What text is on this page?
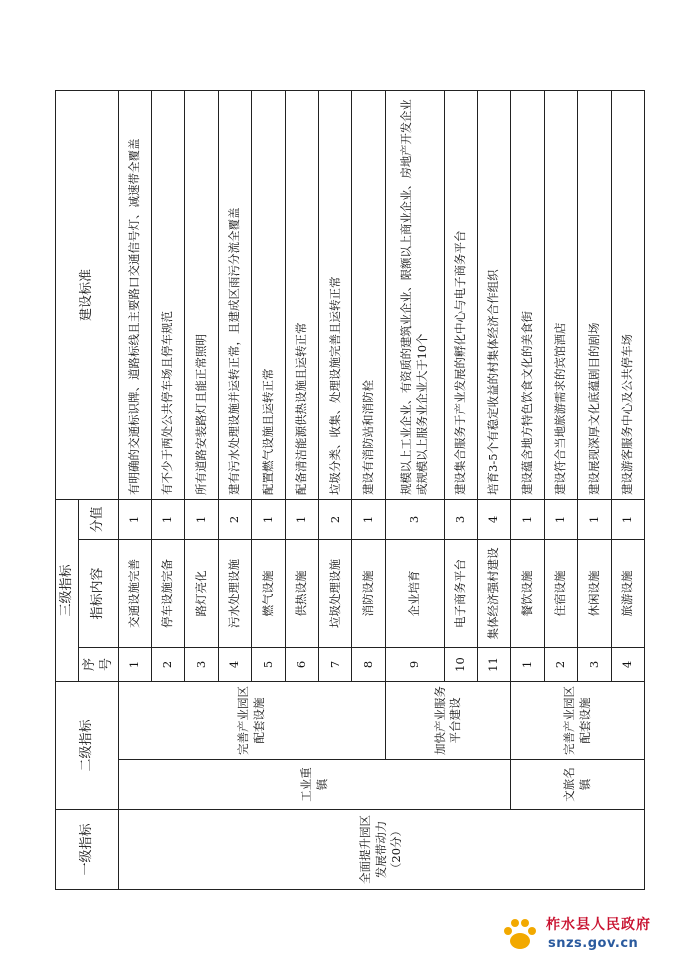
一级指标	二级指标		三级指标			建设标准
			序号	指标内容	分值	
全面提升园区发展带动力（20分）	工业重镇	完善产业园区配套设施	1	交通设施完善	1	有明确的交通标识牌、道路标线且主要路口交通信号灯、减速带全覆盖
			2	停车设施完备	1	有不少于两处公共停车场且停车规范
			3	路灯亮化	1	所有道路安装路灯且能正常照明
			4	污水处理设施	2	建有污水处理设施并运转正常，且建成区雨污分流全覆盖
			5	燃气设施	1	配置燃气设施且运转正常
			6	供热设施	1	配备清洁能源供热设施且运转正常
			7	垃圾处理设施	2	垃圾分类、收集、处理设施完善且运转正常
			8	消防设施	1	建设有消防站和消防栓
		加快产业服务平台建设	9	企业培育	3	规模以上工业企业、有资质的建筑业企业、限额以上商业企业、房地产开发企业或规模以上服务业企业大于10个
			10	电子商务平台	3	建设集合服务于产业发展的孵化中心与电子商务平台
			11	集体经济强村建设	4	培育3-5个有稳定收益的村集体经济合作组织
	文旅名镇	完善产业园区配套设施	1	餐饮设施	1	建设蕴含地方特色饮食文化的美食街
			2	住宿设施	1	建设符合当地旅游需求的宾馆酒店
			3	休闲设施	1	建设展现深厚文化底蕴剧目的剧场
			4	旅游设施	1	建设游客服务中心及公共停车场
柞水县人民政府
snzs.gov.cn
